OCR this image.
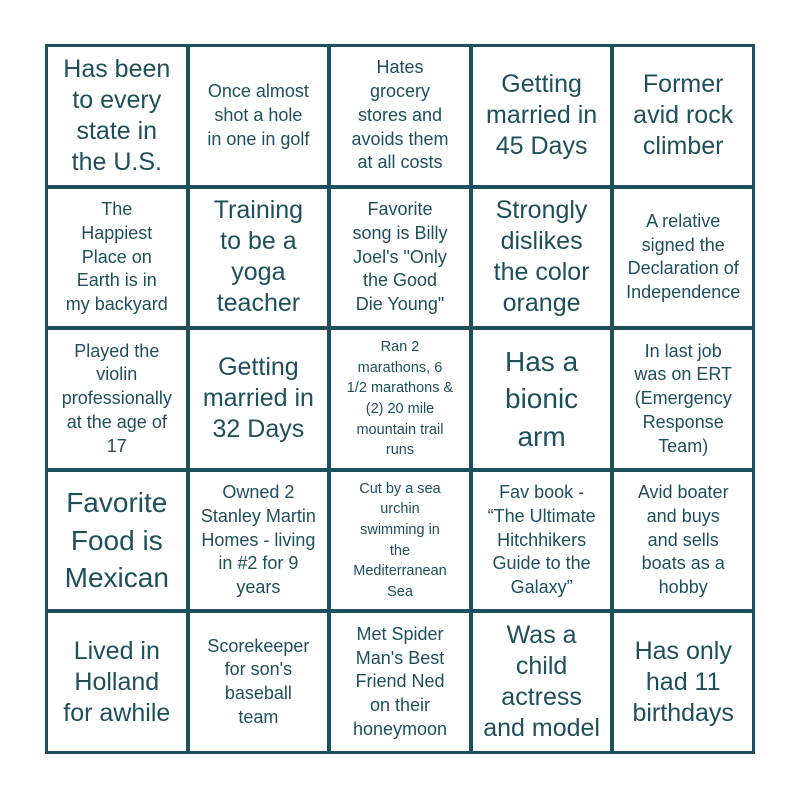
Has been
to every
state in
the U.S.
Once almost
shot a hole
in one in golf
Hates
grocery
stores and
avoids them
at all costs
Getting
married in
45 Days
Former
avid rock
climber
The
Happiest
Place on
Earth is in
my backyard
Training
to be a
yoga
teacher
Favorite
song is Billy
Joel's "Only
the Good
Die Young"
Strongly
dislikes
the color
orange
A relative
signed the
Declaration of
Independence
Played the
violin
professionally
at the age of
17
Getting
married in
32 Days
Ran 2
marathons, 6
1/2 marathons &
(2) 20 mile
mountain trail
runs
Has a
bionic
arm
In last job
was on ERT
(Emergency
Response
Team)
Favorite
Food is
Mexican
Owned 2
Stanley Martin
Homes - living
in #2 for 9
years
Cut by a sea
urchin
swimming in
the
Mediterranean
Sea
Fav book -
“The Ultimate
Hitchhikers
Guide to the
Galaxy”
Avid boater
and buys
and sells
boats as a
hobby
Lived in
Holland
for awhile
Scorekeeper
for son's
baseball
team
Met Spider
Man's Best
Friend Ned
on their
honeymoon
Was a
child
actress
and model
Has only
had 11
birthdays
